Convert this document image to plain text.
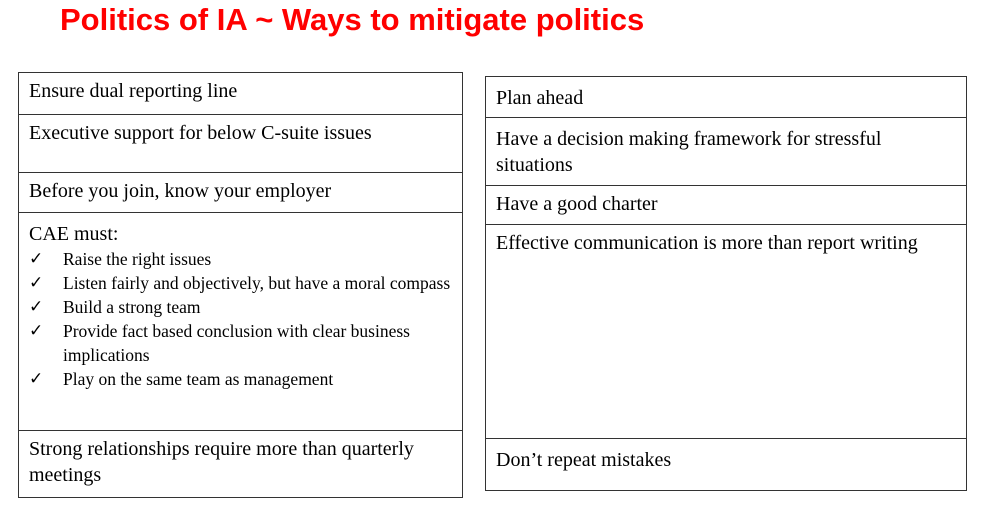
Politics of IA ~ Ways to mitigate politics
Ensure dual reporting line
Executive support for below C-suite issues
Before you join, know your employer
CAE must:
✓ Raise the right issues
✓ Listen fairly and objectively, but have a moral compass
✓ Build a strong team
✓ Provide fact based conclusion with clear business implications
✓ Play on the same team as management
Strong relationships require more than quarterly meetings
Plan ahead
Have a decision making framework for stressful situations
Have a good charter
Effective communication is more than report writing
Don’t repeat mistakes
